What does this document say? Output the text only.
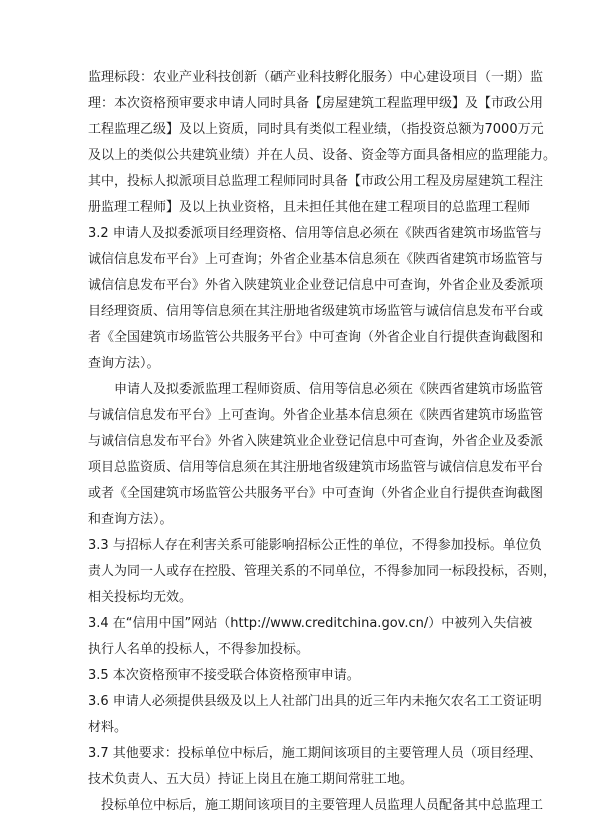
监理标段：农业产业科技创新（硒产业科技孵化服务）中心建设项目（一期）监
理：本次资格预审要求申请人同时具备【房屋建筑工程监理甲级】及【市政公用
工程监理乙级】及以上资质，同时具有类似工程业绩，（指投资总额为7000万元
及以上的类似公共建筑业绩）并在人员、设备、资金等方面具备相应的监理能力。
其中，投标人拟派项目总监理工程师同时具备【市政公用工程及房屋建筑工程注
册监理工程师】及以上执业资格，且未担任其他在建工程项目的总监理工程师
3.2 申请人及拟委派项目经理资格、信用等信息必须在《陕西省建筑市场监管与
诚信信息发布平台》上可查询；外省企业基本信息须在《陕西省建筑市场监管与
诚信信息发布平台》外省入陕建筑业企业登记信息中可查询，外省企业及委派项
目经理资质、信用等信息须在其注册地省级建筑市场监管与诚信信息发布平台或
者《全国建筑市场监管公共服务平台》中可查询（外省企业自行提供查询截图和
查询方法）。
申请人及拟委派监理工程师资质、信用等信息必须在《陕西省建筑市场监管
与诚信信息发布平台》上可查询。外省企业基本信息须在《陕西省建筑市场监管
与诚信信息发布平台》外省入陕建筑业企业登记信息中可查询，外省企业及委派
项目总监资质、信用等信息须在其注册地省级建筑市场监管与诚信信息发布平台
或者《全国建筑市场监管公共服务平台》中可查询（外省企业自行提供查询截图
和查询方法）。
3.3 与招标人存在利害关系可能影响招标公正性的单位，不得参加投标。单位负
责人为同一人或存在控股、管理关系的不同单位，不得参加同一标段投标，否则，
相关投标均无效。
3.4 在“信用中国”网站（http://www.creditchina.gov.cn/）中被列入失信被
执行人名单的投标人，不得参加投标。
3.5 本次资格预审不接受联合体资格预审申请。
3.6 申请人必须提供县级及以上人社部门出具的近三年内未拖欠农名工工资证明
材料。
3.7 其他要求：投标单位中标后，施工期间该项目的主要管理人员（项目经理、
技术负责人、五大员）持证上岗且在施工期间常驻工地。
投标单位中标后，施工期间该项目的主要管理人员监理人员配备其中总监理工
